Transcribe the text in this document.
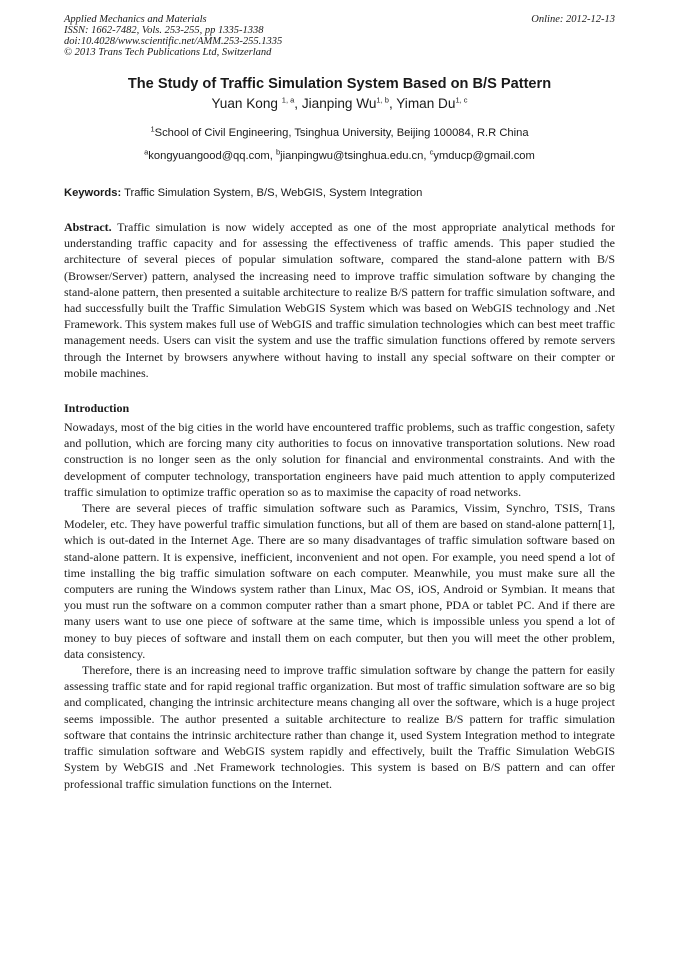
Applied Mechanics and Materials
ISSN: 1662-7482, Vols. 253-255, pp 1335-1338
doi:10.4028/www.scientific.net/AMM.253-255.1335
© 2013 Trans Tech Publications Ltd, Switzerland
Online: 2012-12-13
The Study of Traffic Simulation System Based on B/S Pattern
Yuan Kong $^{1, a}$, Jianping Wu$^{1, b}$, Yiman Du$^{1, c}$
$^1$School of Civil Engineering, Tsinghua University, Beijing 100084, R.R China
$^a$kongyuangood@qq.com, $^b$jianpingwu@tsinghua.edu.cn, $^c$ymducp@gmail.com
Keywords: Traffic Simulation System, B/S, WebGIS, System Integration

Abstract. Traffic simulation is now widely accepted as one of the most appropriate analytical methods for understanding traffic capacity and for assessing the effectiveness of traffic amends. This paper studied the architecture of several pieces of popular simulation software, compared the stand-alone pattern with B/S (Browser/Server) pattern, analysed the increasing need to improve traffic simulation software by changing the stand-alone pattern, then presented a suitable architecture to realize B/S pattern for traffic simulation software, and had successfully built the Traffic Simulation WebGIS System which was based on WebGIS technology and .Net Framework. This system makes full use of WebGIS and traffic simulation technologies which can best meet traffic management needs. Users can visit the system and use the traffic simulation functions offered by remote servers through the Internet by browsers anywhere without having to install any special software on their compter or mobile machines.

Introduction

Nowadays, most of the big cities in the world have encountered traffic problems, such as traffic congestion, safety and pollution, which are forcing many city authorities to focus on innovative transportation solutions. New road construction is no longer seen as the only solution for financial and environmental constraints. And with the development of computer technology, transportation engineers have paid much attention to apply computerized traffic simulation to optimize traffic operation so as to maximise the capacity of road networks.

There are several pieces of traffic simulation software such as Paramics, Vissim, Synchro, TSIS, Trans Modeler, etc. They have powerful traffic simulation functions, but all of them are based on stand-alone pattern[1], which is out-dated in the Internet Age. There are so many disadvantages of traffic simulation software based on stand-alone pattern. It is expensive, inefficient, inconvenient and not open. For example, you need spend a lot of time installing the big traffic simulation software on each computer. Meanwhile, you must make sure all the computers are runing the Windows system rather than Linux, Mac OS, iOS, Android or Symbian. It means that you must run the software on a common computer rather than a smart phone, PDA or tablet PC. And if there are many users want to use one piece of software at the same time, which is impossible unless you spend a lot of money to buy pieces of software and install them on each computer, but then you will meet the other problem, data consistency.

Therefore, there is an increasing need to improve traffic simulation software by change the pattern for easily assessing traffic state and for rapid regional traffic organization. But most of traffic simulation software are so big and complicated, changing the intrinsic architecture means changing all over the software, which is a huge project seems impossible. The author presented a suitable architecture to realize B/S pattern for traffic simulation software that contains the intrinsic architecture rather than change it, used System Integration method to integrate traffic simulation software and WebGIS system rapidly and effectively, built the Traffic Simulation WebGIS System by WebGIS and .Net Framework technologies. This system is based on B/S pattern and can offer professional traffic simulation functions on the Internet.
